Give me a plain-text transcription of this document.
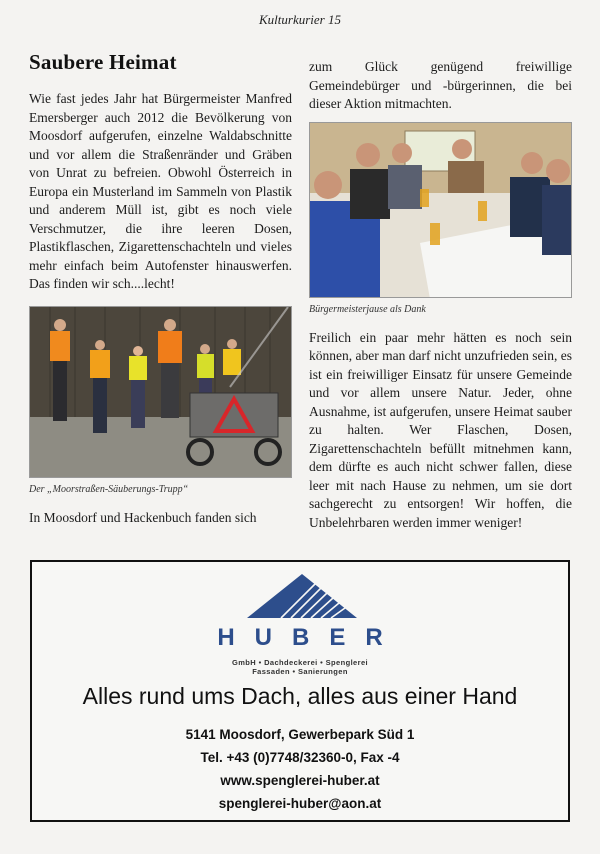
Kulturkurier 15
Saubere Heimat

Wie fast jedes Jahr hat Bürgermeister Manfred Emersberger auch 2012 die Bevölkerung von Moosdorf aufgerufen, einzelne Waldabschnitte und vor allem die Straßenränder und Gräben von Unrat zu befreien. Obwohl Österreich in Europa ein Musterland im Sammeln von Plastik und anderem Müll ist, gibt es noch viele Verschmutzer, die ihre leeren Dosen, Plastikflaschen, Zigarettenschachteln und vieles mehr einfach beim Autofenster hinauswerfen. Das finden wir sch....lecht!

Der „Moorstraßen-Säuberungs-Trupp“

In Moosdorf und Hackenbuch fanden sich

zum Glück genügend freiwillige Gemeindebürger und -bürgerinnen, die bei dieser Aktion mitmachten.

Bürgermeisterjause als Dank

Freilich ein paar mehr hätten es noch sein können, aber man darf nicht unzufrieden sein, es ist ein freiwilliger Einsatz für unsere Gemeinde und vor allem unsere Natur. Jeder, ohne Ausnahme, ist aufgerufen, unsere Heimat sauber zu halten. Wer Flaschen, Dosen, Zigarettenschachteln befüllt mitnehmen kann, dem dürfte es auch nicht schwer fallen, diese leer mit nach Hause zu nehmen, um sie dort sachgerecht zu entsorgen! Wir hoffen, die Unbelehrbaren werden immer weniger!

HUBER
GmbH • Dachdeckerei • Spenglerei
Fassaden • Sanierungen
Alles rund ums Dach, alles aus einer Hand
5141 Moosdorf, Gewerbepark Süd 1
Tel. +43 (0)7748/32360-0, Fax -4
www.spenglerei-huber.at
spenglerei-huber@aon.at
